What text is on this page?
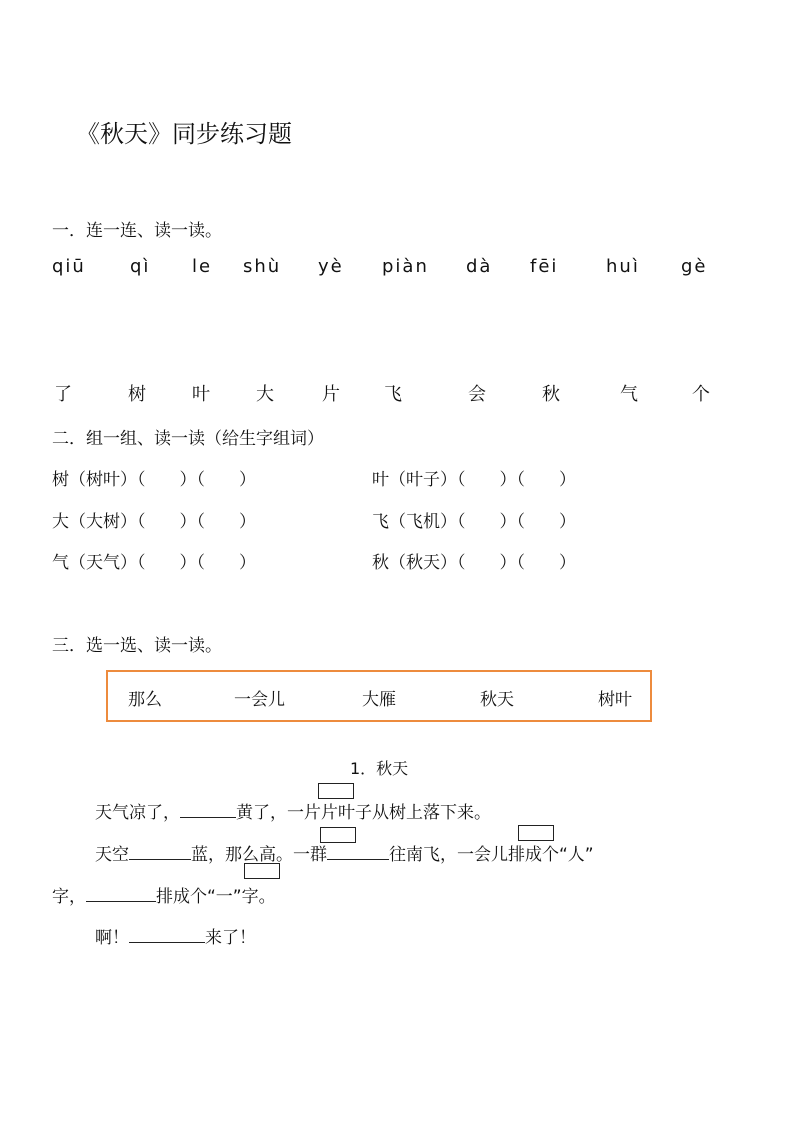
《秋天》同步练习题
一．连一连、读一读。
qiū qì le shù yè piàn dà fēi	huì gè
了	树	叶	大	片 飞	会	秋	气	个
二．组一组、读一读（给生字组词）
树（树叶）（　　）（　　）	叶（叶子）（　　）（　　）
大（大树）（　　）（　　）	飞（飞机）（　　）（　　）
气（天气）（　　）（　　）	秋（秋天）（　　）（　　）
三．选一选、读一读。
那么	一会儿	大雁	秋天	树叶
1．秋天
天气凉了，	黄了，一片片叶子从树上落下来。
天空	蓝，那么高。一群	往南飞，一会儿排成个“人”
字，	排成个“一”字。
啊！	来了！
